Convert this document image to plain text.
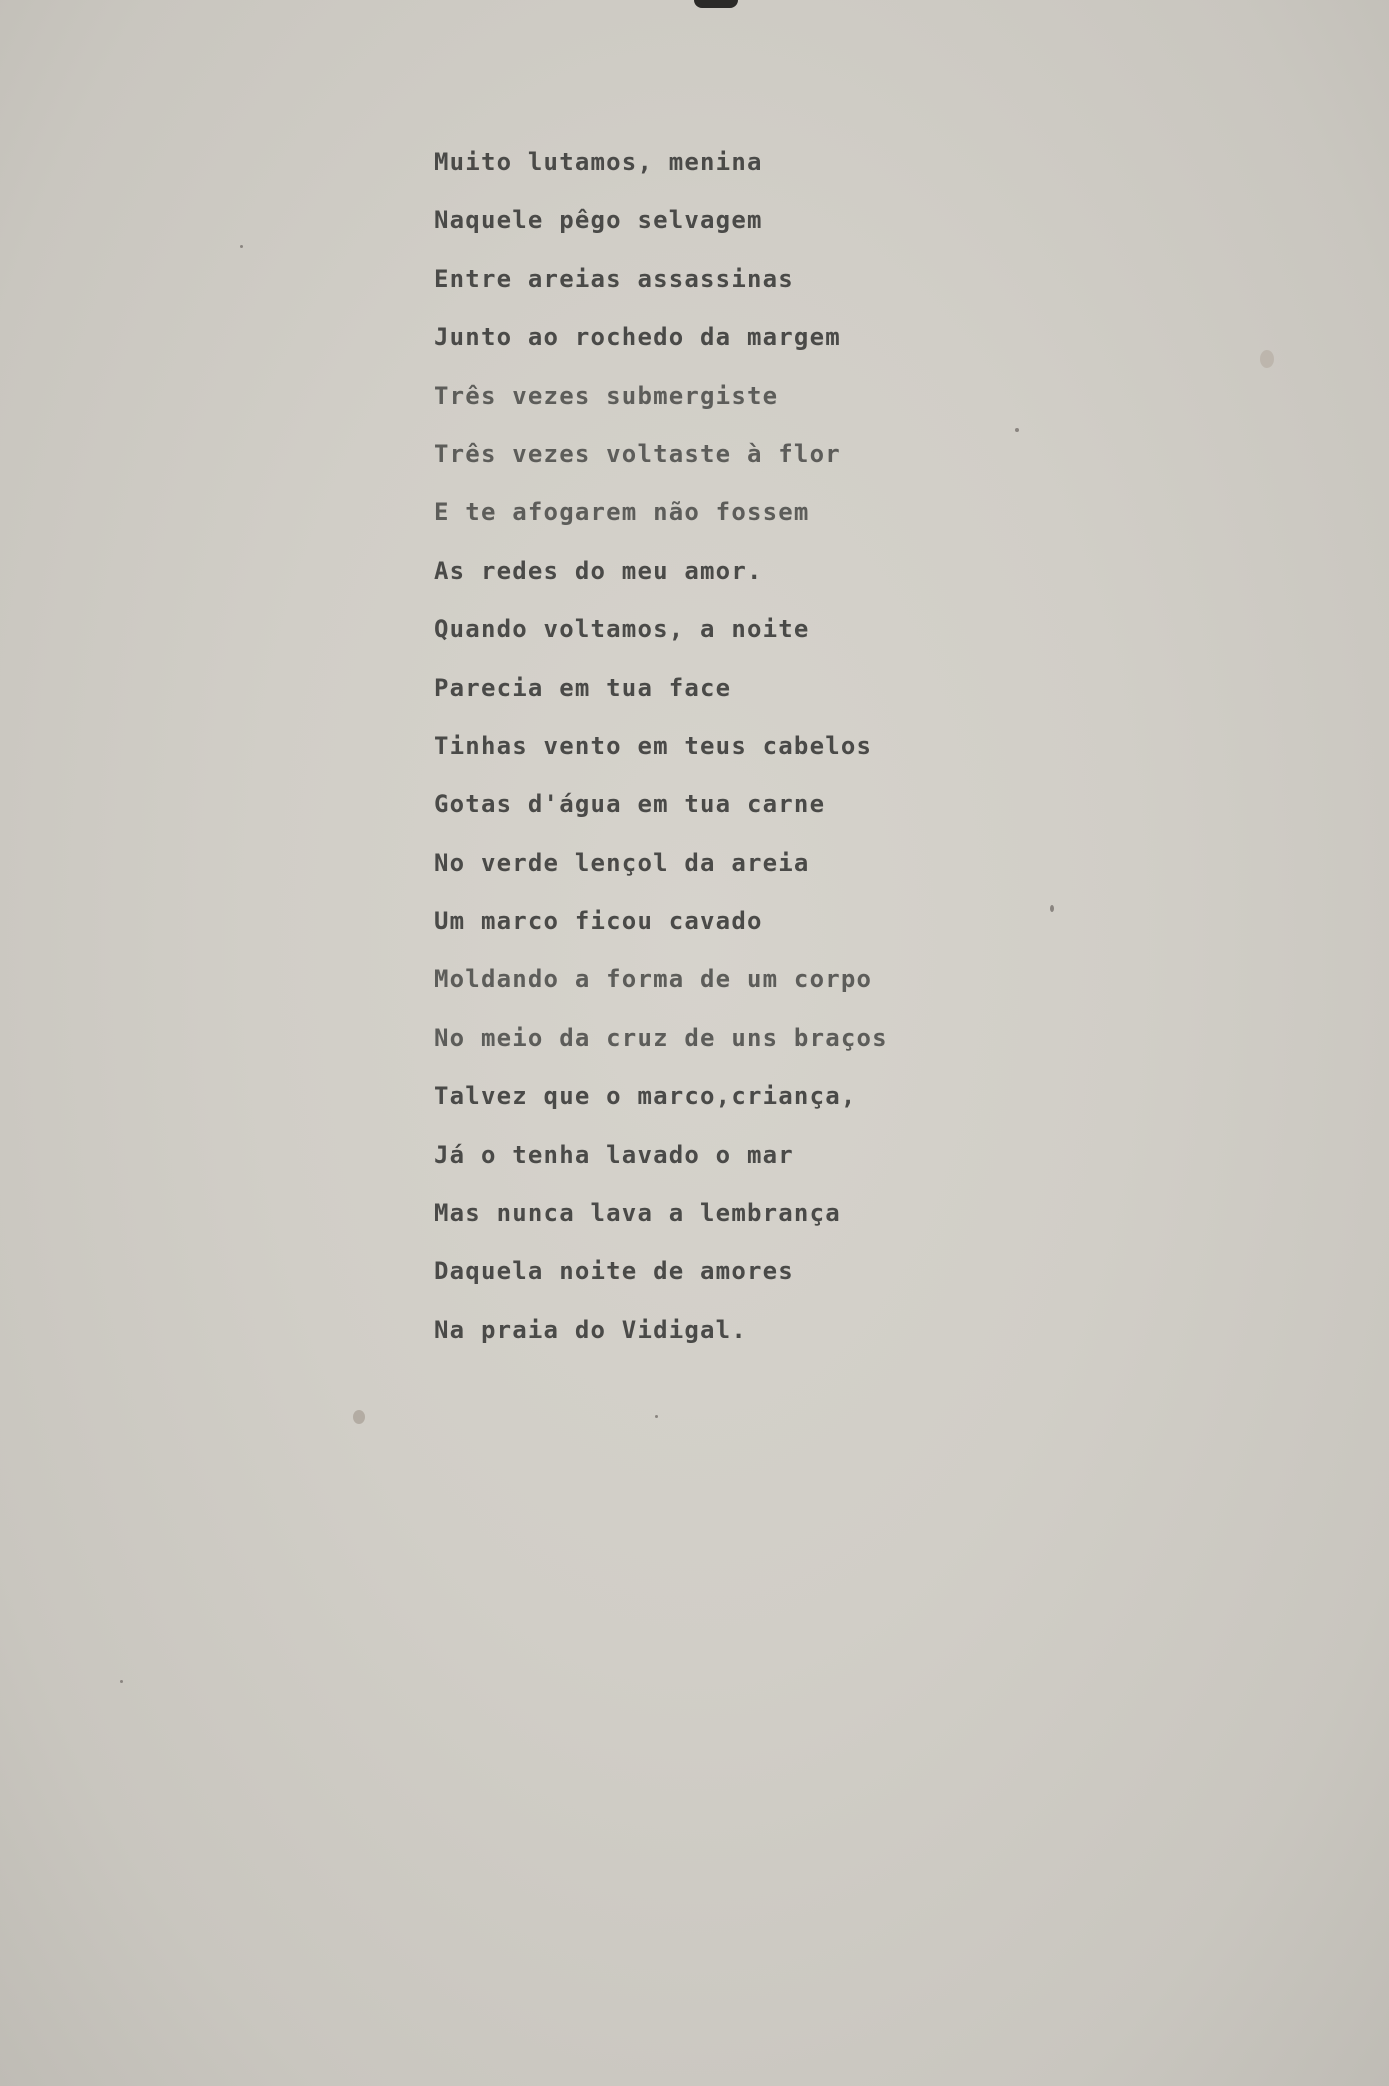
Muito lutamos, menina
Naquele pêgo selvagem
Entre areias assassinas
Junto ao rochedo da margem
Três vezes submergiste
Três vezes voltaste à flor
E te afogarem não fossem
As redes do meu amor.
Quando voltamos, a noite
Parecia em tua face
Tinhas vento em teus cabelos
Gotas d'água em tua carne
No verde lençol da areia
Um marco ficou cavado
Moldando a forma de um corpo
No meio da cruz de uns braços
Talvez que o marco,criança,
Já o tenha lavado o mar
Mas nunca lava a lembrança
Daquela noite de amores
Na praia do Vidigal.
